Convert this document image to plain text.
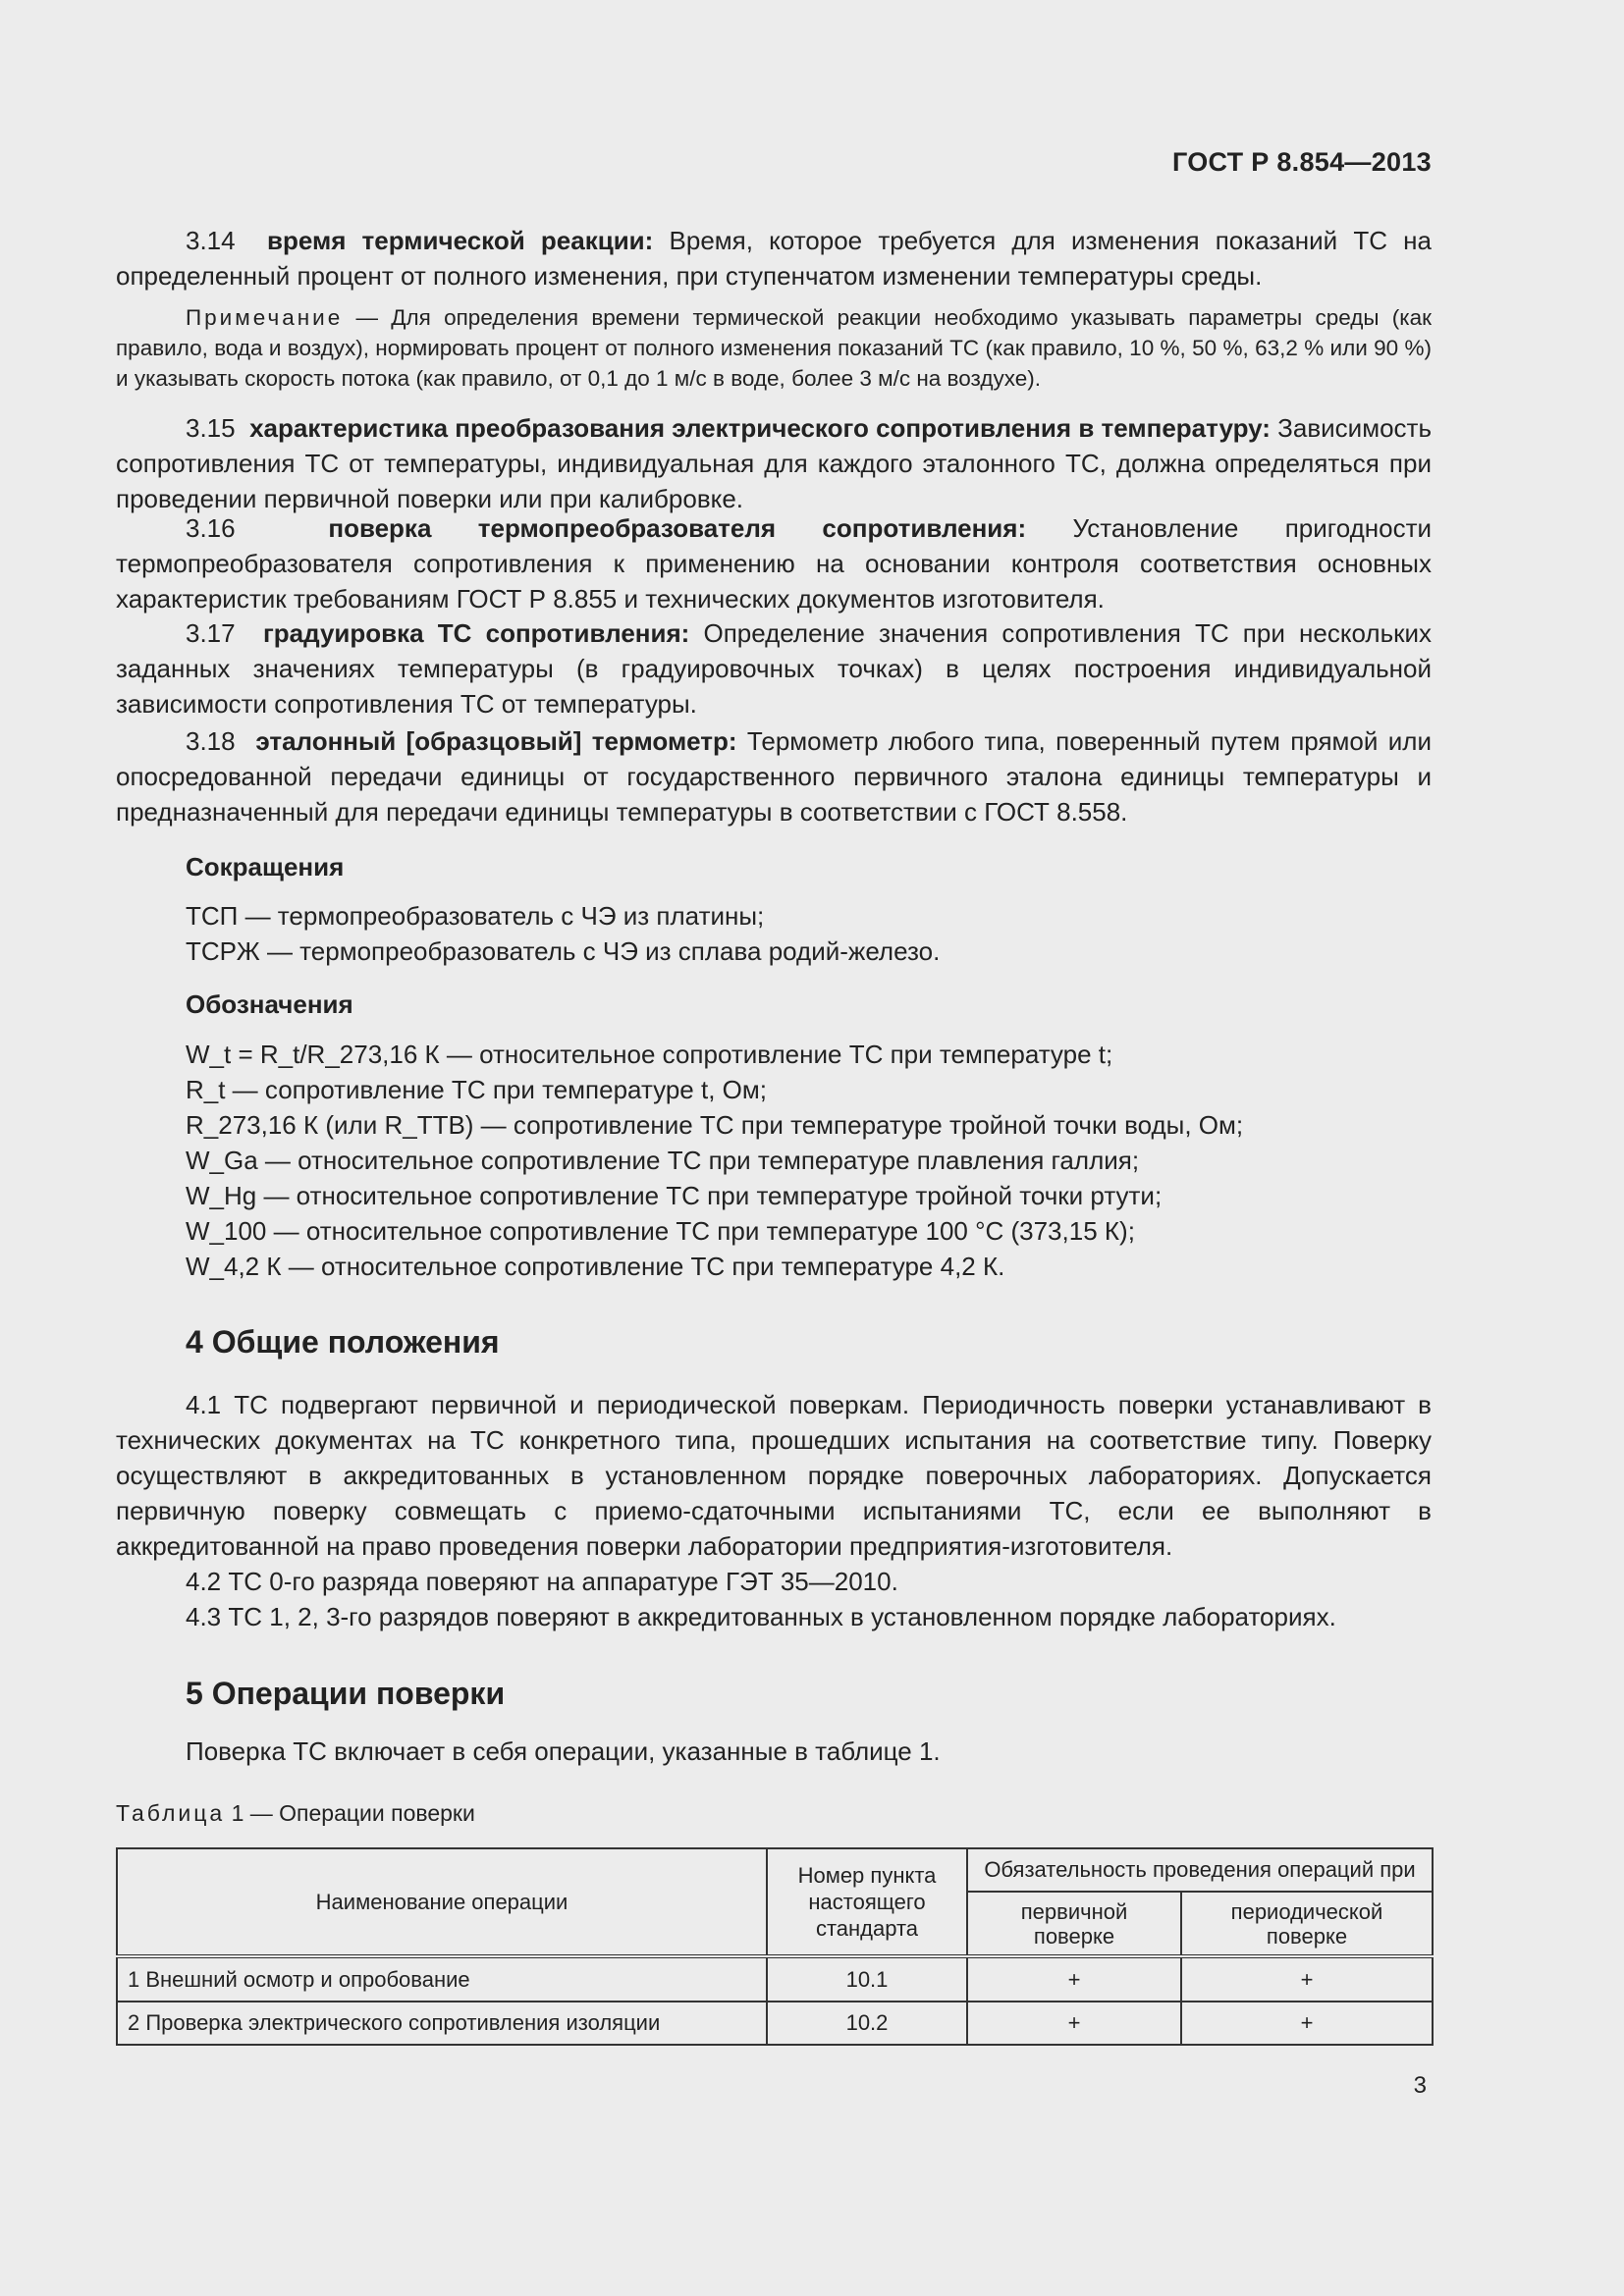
ГОСТ Р 8.854—2013
3.14 время термической реакции: Время, которое требуется для изменения показаний ТС на определенный процент от полного изменения, при ступенчатом изменении температуры среды.
Примечание — Для определения времени термической реакции необходимо указывать параметры среды (как правило, вода и воздух), нормировать процент от полного изменения показаний ТС (как правило, 10 %, 50 %, 63,2 % или 90 %) и указывать скорость потока (как правило, от 0,1 до 1 м/с в воде, более 3 м/с на воздухе).
3.15 характеристика преобразования электрического сопротивления в температуру: Зависимость сопротивления ТС от температуры, индивидуальная для каждого эталонного ТС, должна определяться при проведении первичной поверки или при калибровке.
3.16	поверка термопреобразователя сопротивления: Установление пригодности термопреобразователя сопротивления к применению на основании контроля соответствия основных характеристик требованиям ГОСТ Р 8.855 и технических документов изготовителя.
3.17 градуировка ТС сопротивления: Определение значения сопротивления ТС при нескольких заданных значениях температуры (в градуировочных точках) в целях построения индивидуальной зависимости сопротивления ТС от температуры.
3.18 эталонный [образцовый] термометр: Термометр любого типа, поверенный путем прямой или опосредованной передачи единицы от государственного первичного эталона единицы температуры и предназначенный для передачи единицы температуры в соответствии с ГОСТ 8.558.
Сокращения
ТСП — термопреобразователь с ЧЭ из платины;
ТСРЖ — термопреобразователь с ЧЭ из сплава родий-железо.
Обозначения
W_t = R_t/R_273,16 К — относительное сопротивление ТС при температуре t;
R_t — сопротивление ТС при температуре t, Ом;
R_273,16 К (или R_ТТВ) — сопротивление ТС при температуре тройной точки воды, Ом;
W_Ga — относительное сопротивление ТС при температуре плавления галлия;
W_Hg — относительное сопротивление ТС при температуре тройной точки ртути;
W_100 — относительное сопротивление ТС при температуре 100 °С (373,15 К);
W_4,2 К — относительное сопротивление ТС при температуре 4,2 К.
4 Общие положения
4.1 ТС подвергают первичной и периодической поверкам. Периодичность поверки устанавливают в технических документах на ТС конкретного типа, прошедших испытания на соответствие типу. Поверку осуществляют в аккредитованных в установленном порядке поверочных лабораториях. Допускается первичную поверку совмещать с приемо-сдаточными испытаниями ТС, если ее выполняют в аккредитованной на право проведения поверки лаборатории предприятия-изготовителя.
4.2 ТС 0-го разряда поверяют на аппаратуре ГЭТ 35—2010.
4.3 ТС 1, 2, 3-го разрядов поверяют в аккредитованных в установленном порядке лабораториях.
5 Операции поверки
Поверка ТС включает в себя операции, указанные в таблице 1.
Таблица 1 — Операции поверки
Наименование операции	Номер пункта настоящего стандарта	Обязательность проведения операций при	
		первичной поверке	периодической поверке
1 Внешний осмотр и опробование	10.1	+	+
2 Проверка электрического сопротивления изоляции	10.2	+	+
3
